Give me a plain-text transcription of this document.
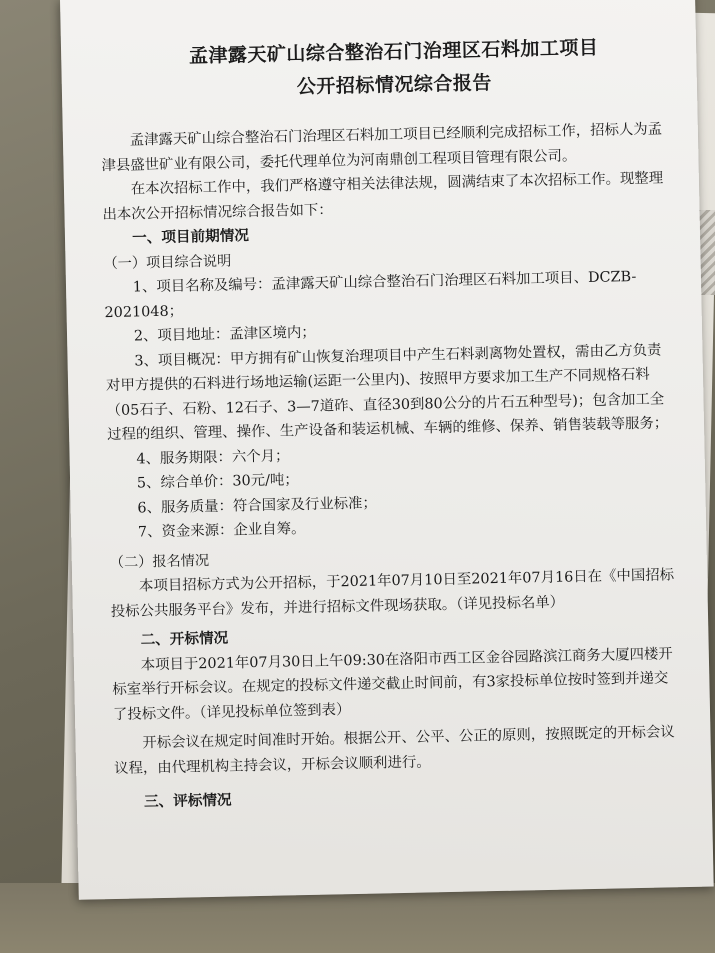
孟津露天矿山综合整治石门治理区石料加工项目
公开招标情况综合报告

孟津露天矿山综合整治石门治理区石料加工项目已经顺利完成招标工作，招标人为孟津县盛世矿业有限公司，委托代理单位为河南鼎创工程项目管理有限公司。

在本次招标工作中，我们严格遵守相关法律法规，圆满结束了本次招标工作。现整理出本次公开招标情况综合报告如下：

一、项目前期情况

（一）项目综合说明

1、项目名称及编号：孟津露天矿山综合整治石门治理区石料加工项目、DCZB-2021048；

2、项目地址：孟津区境内；

3、项目概况：甲方拥有矿山恢复治理项目中产生石料剥离物处置权，需由乙方负责对甲方提供的石料进行场地运输(运距一公里内)、按照甲方要求加工生产不同规格石料（05石子、石粉、12石子、3—7道砟、直径30到80公分的片石五种型号)；包含加工全过程的组织、管理、操作、生产设备和装运机械、车辆的维修、保养、销售装载等服务；

4、服务期限：六个月；

5、综合单价：30元/吨；

6、服务质量：符合国家及行业标准；

7、资金来源：企业自筹。

（二）报名情况

本项目招标方式为公开招标，于2021年07月10日至2021年07月16日在《中国招标投标公共服务平台》发布，并进行招标文件现场获取。（详见投标名单）

二、开标情况

本项目于2021年07月30日上午09:30在洛阳市西工区金谷园路滨江商务大厦四楼开标室举行开标会议。在规定的投标文件递交截止时间前，有3家投标单位按时签到并递交了投标文件。（详见投标单位签到表）

开标会议在规定时间准时开始。根据公开、公平、公正的原则，按照既定的开标会议议程，由代理机构主持会议，开标会议顺利进行。

三、评标情况
